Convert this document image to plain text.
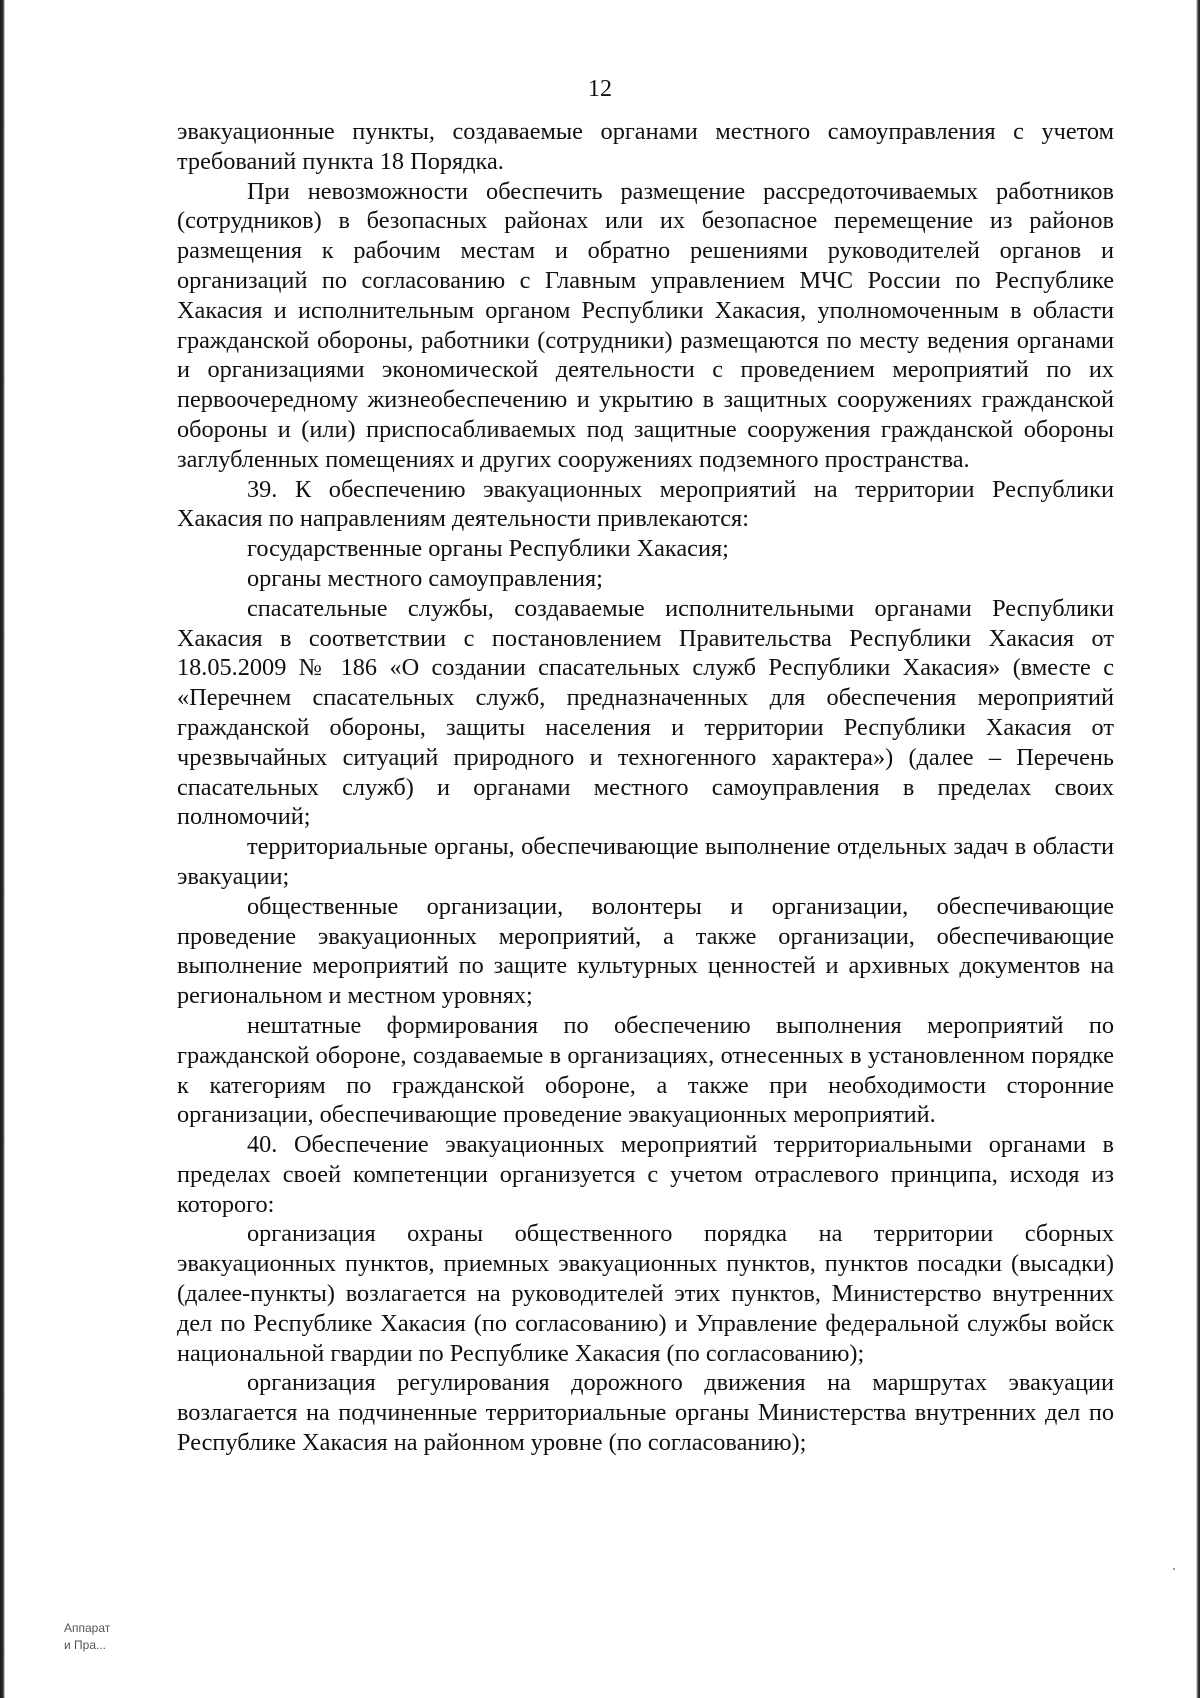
12

эвакуационные пункты, создаваемые органами местного самоуправления с учетом требований пункта 18 Порядка.

При невозможности обеспечить размещение рассредоточиваемых работников (сотрудников) в безопасных районах или их безопасное перемещение из районов размещения к рабочим местам и обратно решениями руководителей органов и организаций по согласованию с Главным управлением МЧС России по Республике Хакасия и исполнительным органом Республики Хакасия, уполномоченным в области гражданской обороны, работники (сотрудники) размещаются по месту ведения органами и организациями экономической деятельности с проведением мероприятий по их первоочередному жизнеобеспечению и укрытию в защитных сооружениях гражданской обороны и (или) приспосабливаемых под защитные сооружения гражданской обороны заглубленных помещениях и других сооружениях подземного пространства.

39. К обеспечению эвакуационных мероприятий на территории Республики Хакасия по направлениям деятельности привлекаются:

государственные органы Республики Хакасия;

органы местного самоуправления;

спасательные службы, создаваемые исполнительными органами Республики Хакасия в соответствии с постановлением Правительства Республики Хакасия от 18.05.2009 № 186 «О создании спасательных служб Республики Хакасия» (вместе с «Перечнем спасательных служб, предназначенных для обеспечения мероприятий гражданской обороны, защиты населения и территории Республики Хакасия от чрезвычайных ситуаций природного и техногенного характера») (далее – Перечень спасательных служб) и органами местного самоуправления в пределах своих полномочий;

территориальные органы, обеспечивающие выполнение отдельных задач в области эвакуации;

общественные организации, волонтеры и организации, обеспечивающие проведение эвакуационных мероприятий, а также организации, обеспечивающие выполнение мероприятий по защите культурных ценностей и архивных документов на региональном и местном уровнях;

нештатные формирования по обеспечению выполнения мероприятий по гражданской обороне, создаваемые в организациях, отнесенных в установленном порядке к категориям по гражданской обороне, а также при необходимости сторонние организации, обеспечивающие проведение эвакуационных мероприятий.

40. Обеспечение эвакуационных мероприятий территориальными органами в пределах своей компетенции организуется с учетом отраслевого принципа, исходя из которого:

организация охраны общественного порядка на территории сборных эвакуационных пунктов, приемных эвакуационных пунктов, пунктов посадки (высадки) (далее-пункты) возлагается на руководителей этих пунктов, Министерство внутренних дел по Республике Хакасия (по согласованию) и Управление федеральной службы войск национальной гвардии по Республике Хакасия (по согласованию);

организация регулирования дорожного движения на маршрутах эвакуации возлагается на подчиненные территориальные органы Министерства внутренних дел по Республике Хакасия на районном уровне (по согласованию);

Аппарат
и Пра...
